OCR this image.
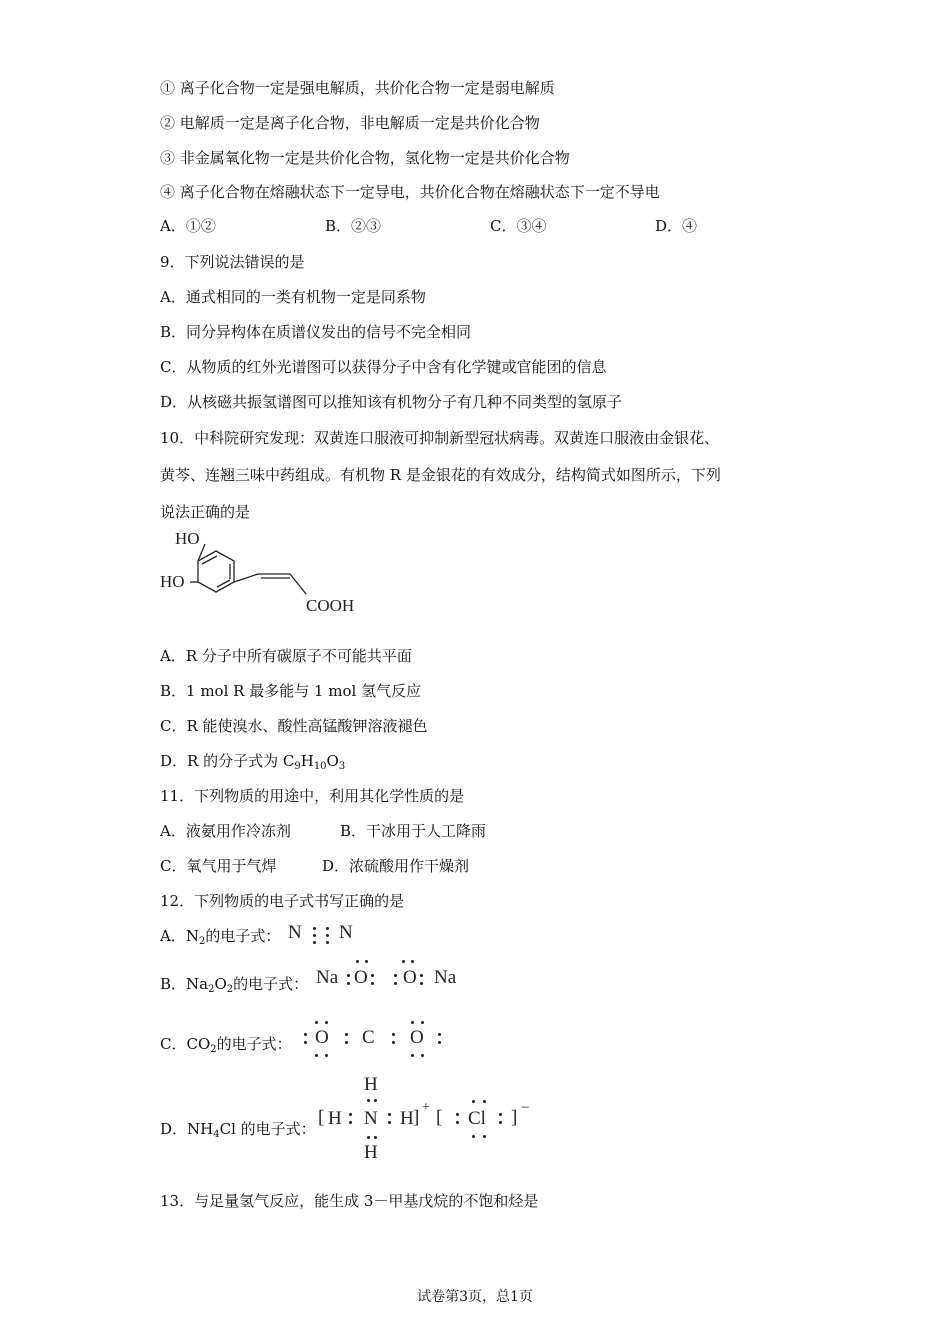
① 离子化合物一定是强电解质，共价化合物一定是弱电解质
② 电解质一定是离子化合物，非电解质一定是共价化合物
③ 非金属氧化物一定是共价化合物，氢化物一定是共价化合物
④ 离子化合物在熔融状态下一定导电，共价化合物在熔融状态下一定不导电
A．①②	B．②③	C．③④	D．④
9．下列说法错误的是
A．通式相同的一类有机物一定是同系物
B．同分异构体在质谱仪发出的信号不完全相同
C．从物质的红外光谱图可以获得分子中含有化学键或官能团的信息
D．从核磁共振氢谱图可以推知该有机物分子有几种不同类型的氢原子
10．中科院研究发现：双黄连口服液可抑制新型冠状病毒。双黄连口服液由金银花、
黄芩、连翘三味中药组成。有机物 R 是金银花的有效成分，结构简式如图所示，下列
说法正确的是
HO
HO
COOH
A．R 分子中所有碳原子不可能共平面
B．1 mol R 最多能与 1 mol 氢气反应
C．R 能使溴水、酸性高锰酸钾溶液褪色
D．R 的分子式为 $C_9H_{10}O_3$
11．下列物质的用途中，利用其化学性质的是
A．液氨用作冷冻剂	B．干冰用于人工降雨
C．氧气用于气焊	D．浓硫酸用作干燥剂
12．下列物质的电子式书写正确的是
A．$N_2$的电子式： N N
B．$Na_2O_2$的电子式： Na O O Na
C．$CO_2$的电子式： O C O
D．$NH_4Cl$ 的电子式：
H
[ H N H ] +
H
[ Cl ] −
13．与足量氢气反应，能生成 3－甲基戊烷的不饱和烃是
试卷第3页，总1页
